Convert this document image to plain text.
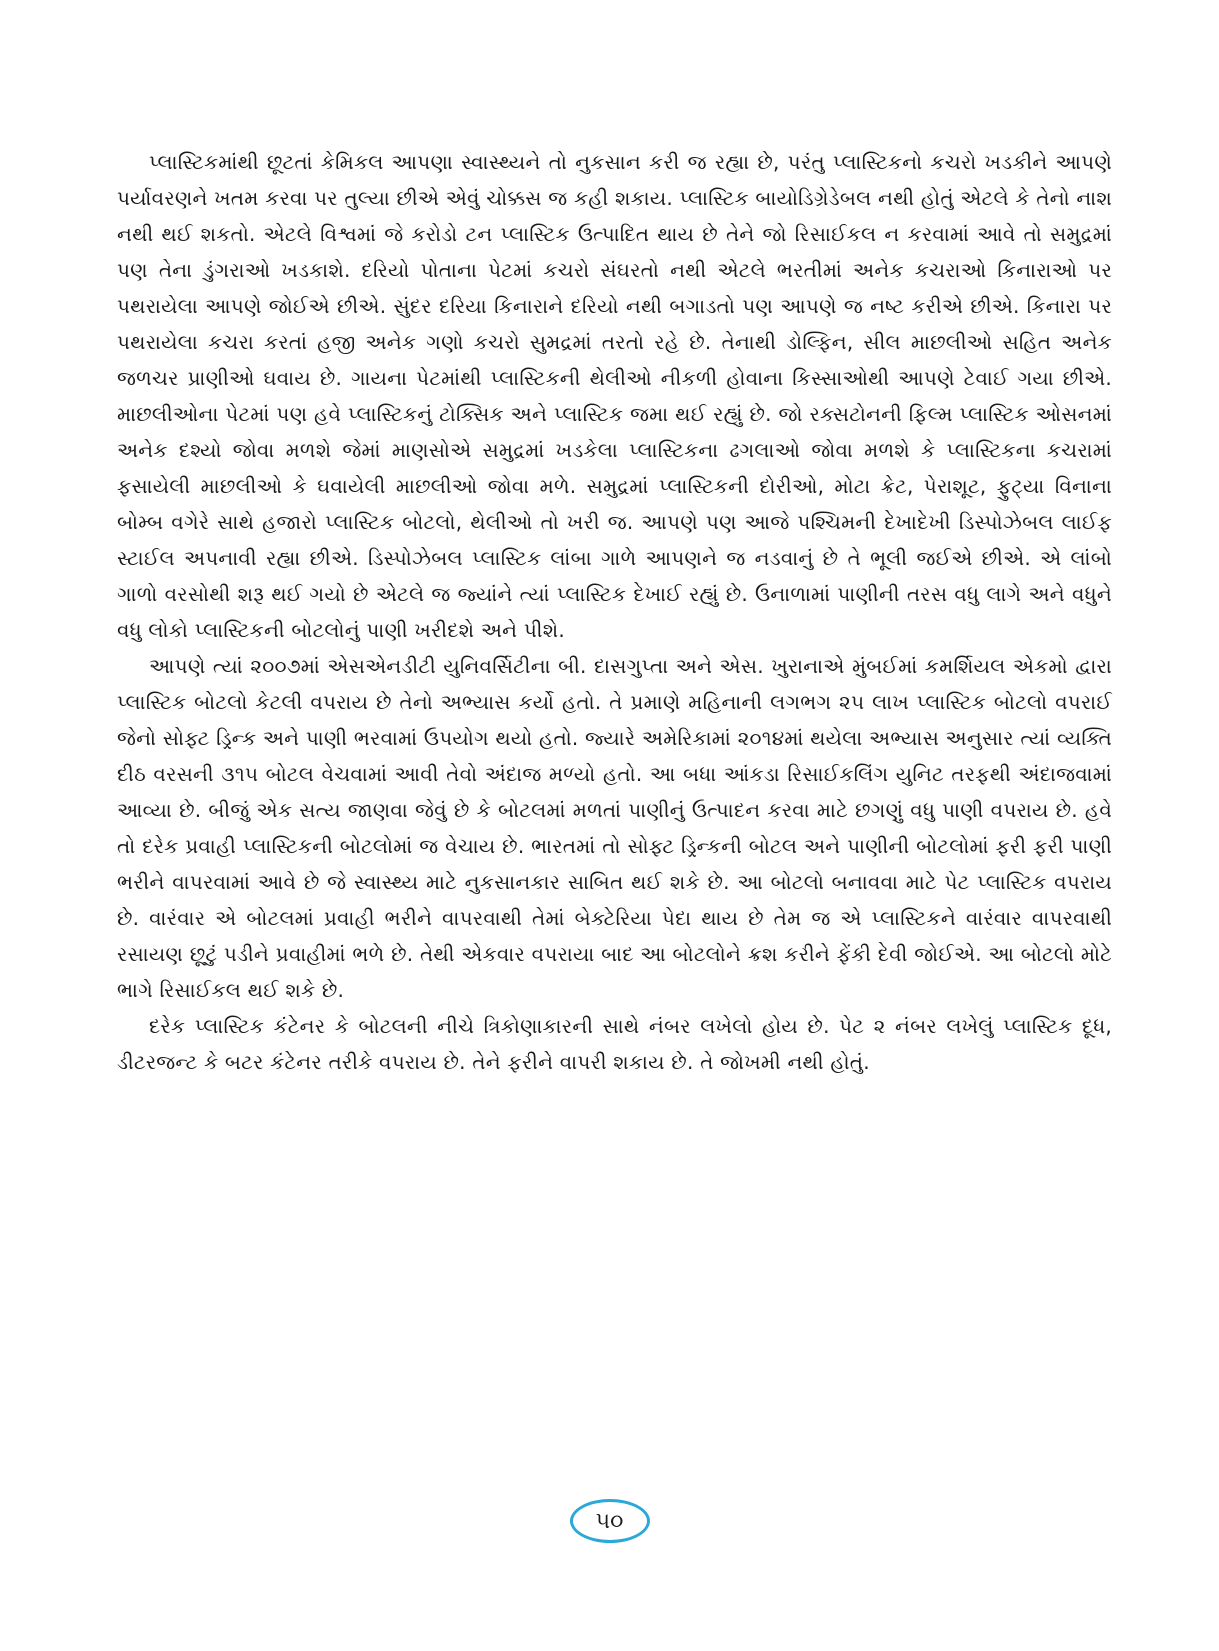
પ્લાસ્ટિકમાંથી છૂટતાં કેમિકલ આપણા સ્વાસ્થ્યને તો નુકસાન કરી જ રહ્યા છે, પરંતુ પ્લાસ્ટિકનો કચરો ખડકીને આપણે પર્યાવરણને ખતમ કરવા પર તુલ્યા છીએ એવું ચોક્કસ જ કહી શકાય. પ્લાસ્ટિક બાયોડિગ્રેડેબલ નથી હોતું એટલે કે તેનો નાશ નથી થઈ શકતો. એટલે વિશ્વમાં જે કરોડો ટન પ્લાસ્ટિક ઉત્પાદિત થાય છે તેને જો રિસાઈકલ ન કરવામાં આવે તો સમુદ્રમાં પણ તેના ડુંગરાઓ ખડકાશે. દરિયો પોતાના પેટમાં કચરો સંઘરતો નથી એટલે ભરતીમાં અનેક કચરાઓ કિનારાઓ પર પથરાયેલા આપણે જોઈએ છીએ. સુંદર દરિયા કિનારાને દરિયો નથી બગાડતો પણ આપણે જ નષ્ટ કરીએ છીએ. કિનારા પર પથરાયેલા કચરા કરતાં હજી અનેક ગણો કચરો સુમદ્રમાં તરતો રહે છે. તેનાથી ડોલ્ફિન, સીલ માછલીઓ સહિત અનેક જળચર પ્રાણીઓ ઘવાય છે. ગાયના પેટમાંથી પ્લાસ્ટિકની થેલીઓ નીકળી હોવાના કિસ્સાઓથી આપણે ટેવાઈ ગયા છીએ. માછલીઓના પેટમાં પણ હવે પ્લાસ્ટિકનું ટોક્સિક અને પ્લાસ્ટિક જમા થઈ રહ્યું છે. જો રક્સટોનની ફિલ્મ પ્લાસ્ટિક ઓસનમાં અનેક દશ્યો જોવા મળશે જેમાં માણસોએ સમુદ્રમાં ખડકેલા પ્લાસ્ટિકના ઢગલાઓ જોવા મળશે કે પ્લાસ્ટિકના કચરામાં ફસાયેલી માછલીઓ કે ઘવાયેલી માછલીઓ જોવા મળે. સમુદ્રમાં પ્લાસ્ટિકની દોરીઓ, મોટા ક્રેટ, પેરાશૂટ, ફુટ્યા વિનાના બોમ્બ વગેરે સાથે હજારો પ્લાસ્ટિક બોટલો, થેલીઓ તો ખરી જ. આપણે પણ આજે પશ્ચિમની દેખાદેખી ડિસ્પોઝેબલ લાઈફ સ્ટાઈલ અપનાવી રહ્યા છીએ. ડિસ્પોઝેબલ પ્લાસ્ટિક લાંબા ગાળે આપણને જ નડવાનું છે તે ભૂલી જઈએ છીએ. એ લાંબો ગાળો વરસોથી શરૂ થઈ ગયો છે એટલે જ જ્યાંને ત્યાં પ્લાસ્ટિક દેખાઈ રહ્યું છે. ઉનાળામાં પાણીની તરસ વધુ લાગે અને વધુને વધુ લોકો પ્લાસ્ટિકની બોટલોનું પાણી ખરીદશે અને પીશે.

આપણે ત્યાં ૨૦૦૭માં એસએનડીટી યુનિવર્સિટીના બી. દાસગુપ્તા અને એસ. ખુરાનાએ મુંબઈમાં કમર્શિયલ એકમો દ્વારા પ્લાસ્ટિક બોટલો કેટલી વપરાય છે તેનો અભ્યાસ કર્યો હતો. તે પ્રમાણે મહિનાની લગભગ ૨૫ લાખ પ્લાસ્ટિક બોટલો વપરાઈ જેનો સોફ્ટ ડ્રિન્ક અને પાણી ભરવામાં ઉપયોગ થયો હતો. જ્યારે અમેરિકામાં ૨૦૧૪માં થયેલા અભ્યાસ અનુસાર ત્યાં વ્યક્તિ દીઠ વરસની ૩૧૫ બોટલ વેચવામાં આવી તેવો અંદાજ મળ્યો હતો. આ બધા આંકડા રિસાઈકલિંગ યુનિટ તરફથી અંદાજવામાં આવ્યા છે. બીજું એક સત્ય જાણવા જેવું છે કે બોટલમાં મળતાં પાણીનું ઉત્પાદન કરવા માટે છગણું વધુ પાણી વપરાય છે. હવે તો દરેક પ્રવાહી પ્લાસ્ટિકની બોટલોમાં જ વેચાય છે. ભારતમાં તો સોફ્ટ ડ્રિન્કની બોટલ અને પાણીની બોટલોમાં ફરી ફરી પાણી ભરીને વાપરવામાં આવે છે જે સ્વાસ્થ્ય માટે નુકસાનકાર સાબિત થઈ શકે છે. આ બોટલો બનાવવા માટે પેટ પ્લાસ્ટિક વપરાય છે. વારંવાર એ બોટલમાં પ્રવાહી ભરીને વાપરવાથી તેમાં બેક્ટેરિયા પેદા થાય છે તેમ જ એ પ્લાસ્ટિકને વારંવાર વાપરવાથી રસાયણ છૂટું પડીને પ્રવાહીમાં ભળે છે. તેથી એકવાર વપરાયા બાદ આ બોટલોને ક્રશ કરીને ફેંકી દેવી જોઈએ. આ બોટલો મોટે ભાગે રિસાઈકલ થઈ શકે છે.

દરેક પ્લાસ્ટિક કંટેનર કે બોટલની નીચે ત્રિકોણાકારની સાથે નંબર લખેલો હોય છે. પેટ ૨ નંબર લખેલું પ્લાસ્ટિક દૂધ, ડીટરજન્ટ કે બટર કંટેનર તરીકે વપરાય છે. તેને ફરીને વાપરી શકાય છે. તે જોખમી નથી હોતું.

૫૦
